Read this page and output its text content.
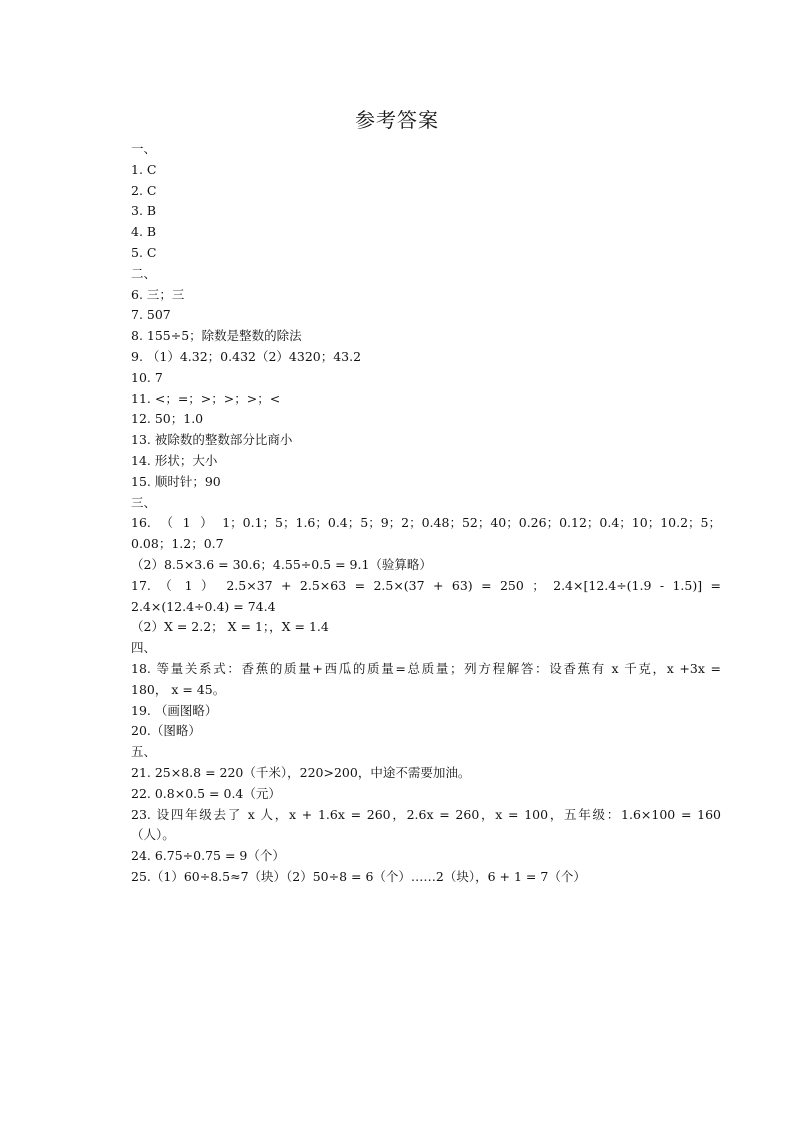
参考答案
一、
1. C
2. C
3. B
4. B
5. C
二、
6. 三；三
7. 507
8. 155÷5；除数是整数的除法
9. （1）4.32；0.432（2）4320；43.2
10. 7
11. <；=；>；>；>；<
12. 50；1.0
13. 被除数的整数部分比商小
14. 形状；大小
15. 顺时针；90
三、
16.（1）1；0.1；5；1.6；0.4；5；9；2；0.48；52；40；0.26；0.12；0.4；10；10.2；5；
0.08；1.2；0.7
（2）8.5×3.6 = 30.6；4.55÷0.5 = 9.1（验算略）
17. （ 1 ） 2.5×37 + 2.5×63 = 2.5×(37 + 63) = 250 ； 2.4×[12.4÷(1.9 - 1.5)] =
2.4×(12.4÷0.4) = 74.4
（2）X = 2.2； X = 1；，X = 1.4
四、
18. 等量关系式：香蕉的质量+西瓜的质量=总质量；列方程解答：设香蕉有 x 千克，x +3x =
180， x = 45。
19. （画图略）
20.（图略）
五、
21. 25×8.8 = 220（千米），220>200，中途不需要加油。
22. 0.8×0.5 = 0.4（元）
23. 设四年级去了 x 人，x + 1.6x = 260，2.6x = 260，x = 100，五年级：1.6×100 = 160
（人）。
24. 6.75÷0.75 = 9（个）
25.（1）60÷8.5≈7（块）（2）50÷8 = 6（个）……2（块），6 + 1 = 7（个）
